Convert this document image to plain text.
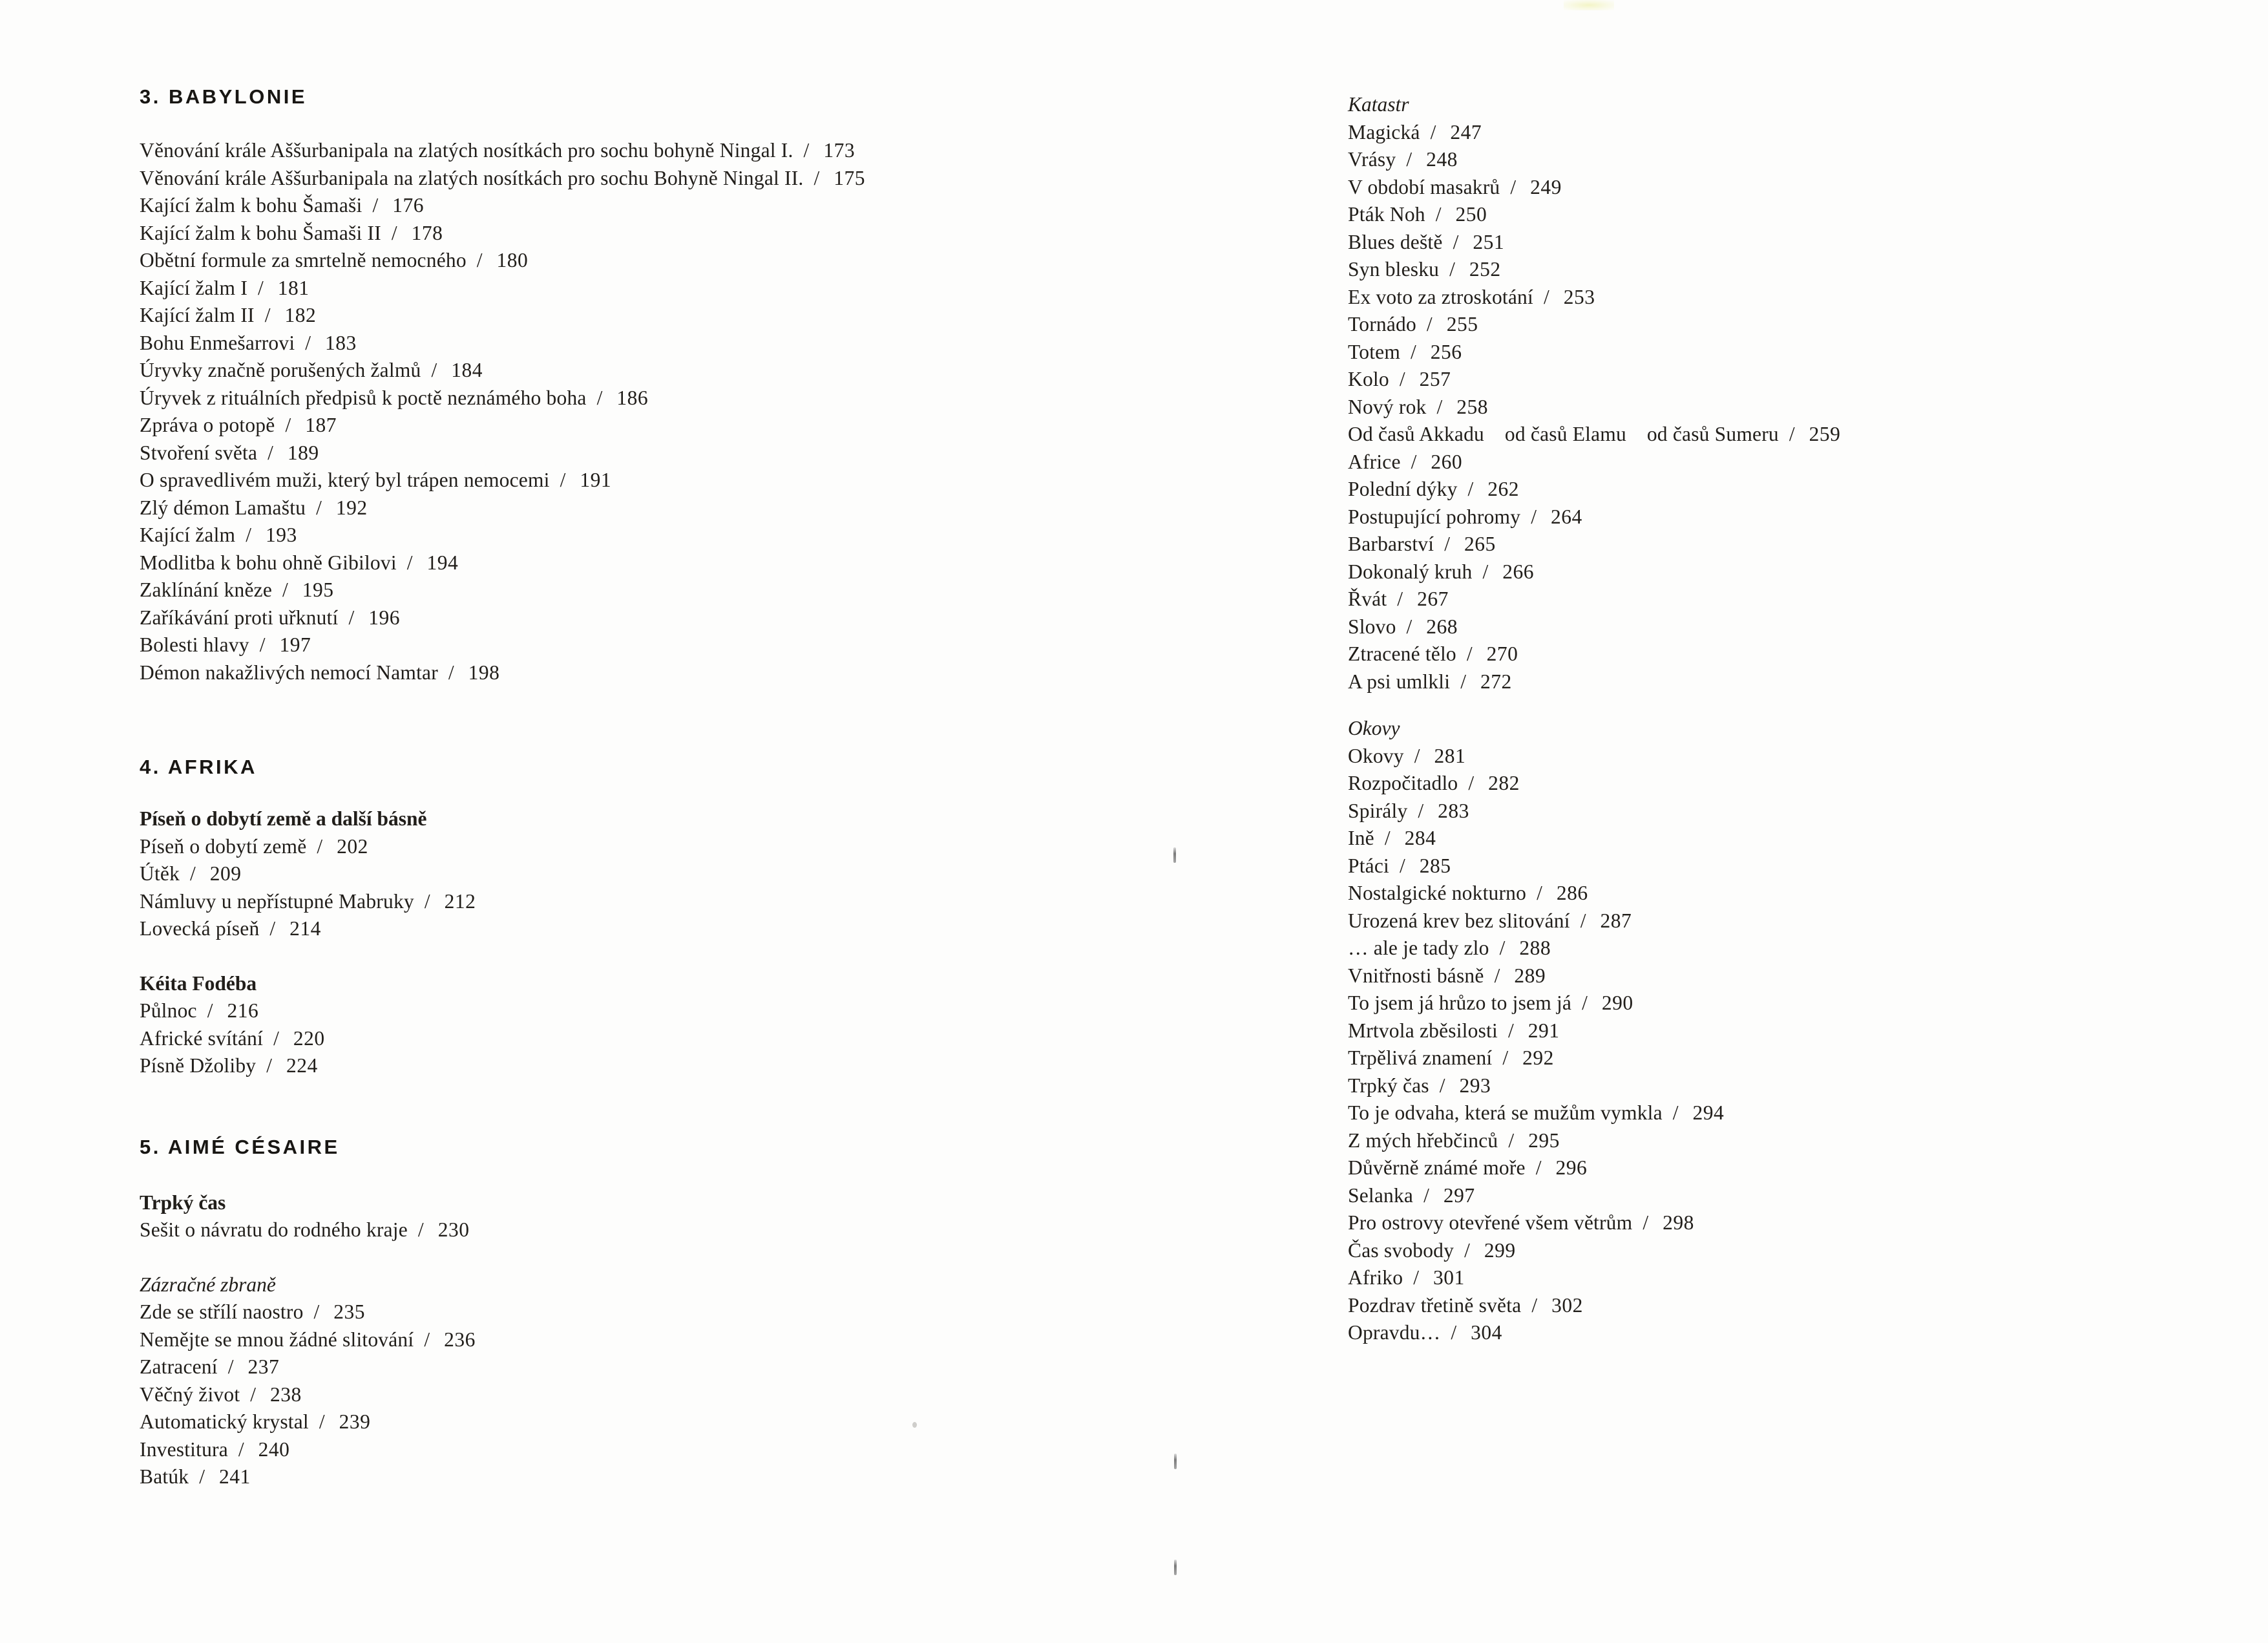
3. BABYLONIE
Věnování krále Aššurbanipala na zlatých nosítkách pro sochu bohyně Ningal I. / 173
Věnování krále Aššurbanipala na zlatých nosítkách pro sochu Bohyně Ningal II. / 175
Kající žalm k bohu Šamaši / 176
Kající žalm k bohu Šamaši II / 178
Obětní formule za smrtelně nemocného / 180
Kající žalm I / 181
Kající žalm II / 182
Bohu Enmešarrovi / 183
Úryvky značně porušených žalmů / 184
Úryvek z rituálních předpisů k poctě neznámého boha / 186
Zpráva o potopě / 187
Stvoření světa / 189
O spravedlivém muži, který byl trápen nemocemi / 191
Zlý démon Lamaštu / 192
Kající žalm / 193
Modlitba k bohu ohně Gibilovi / 194
Zaklínání kněze / 195
Zaříkávání proti uřknutí / 196
Bolesti hlavy / 197
Démon nakažlivých nemocí Namtar / 198
4. AFRIKA
Píseň o dobytí země a další básně
Píseň o dobytí země / 202
Útěk / 209
Námluvy u nepřístupné Mabruky / 212
Lovecká píseň / 214
Kéita Fodéba
Půlnoc / 216
Africké svítání / 220
Písně Džoliby / 224
5. AIMÉ CÉSAIRE
Trpký čas
Sešit o návratu do rodného kraje / 230
Zázračné zbraně
Zde se střílí naostro / 235
Nemějte se mnou žádné slitování / 236
Zatracení / 237
Věčný život / 238
Automatický krystal / 239
Investitura / 240
Batúk / 241
Katastr
Magická / 247
Vrásy / 248
V období masakrů / 249
Pták Noh / 250
Blues deště / 251
Syn blesku / 252
Ex voto za ztroskotání / 253
Tornádo / 255
Totem / 256
Kolo / 257
Nový rok / 258
Od časů Akkadu  od časů Elamu  od časů Sumeru / 259
Africe / 260
Polední dýky / 262
Postupující pohromy / 264
Barbarství / 265
Dokonalý kruh / 266
Řvát / 267
Slovo / 268
Ztracené tělo / 270
A psi umlkli / 272
Okovy
Okovy / 281
Rozpočitadlo / 282
Spirály / 283
Ině / 284
Ptáci / 285
Nostalgické nokturno / 286
Urozená krev bez slitování / 287
… ale je tady zlo / 288
Vnitřnosti básně / 289
To jsem já hrůzo to jsem já / 290
Mrtvola zběsilosti / 291
Trpělivá znamení / 292
Trpký čas / 293
To je odvaha, která se mužům vymkla / 294
Z mých hřebčinců / 295
Důvěrně známé moře / 296
Selanka / 297
Pro ostrovy otevřené všem větrům / 298
Čas svobody / 299
Afriko / 301
Pozdrav třetině světa / 302
Opravdu… / 304
